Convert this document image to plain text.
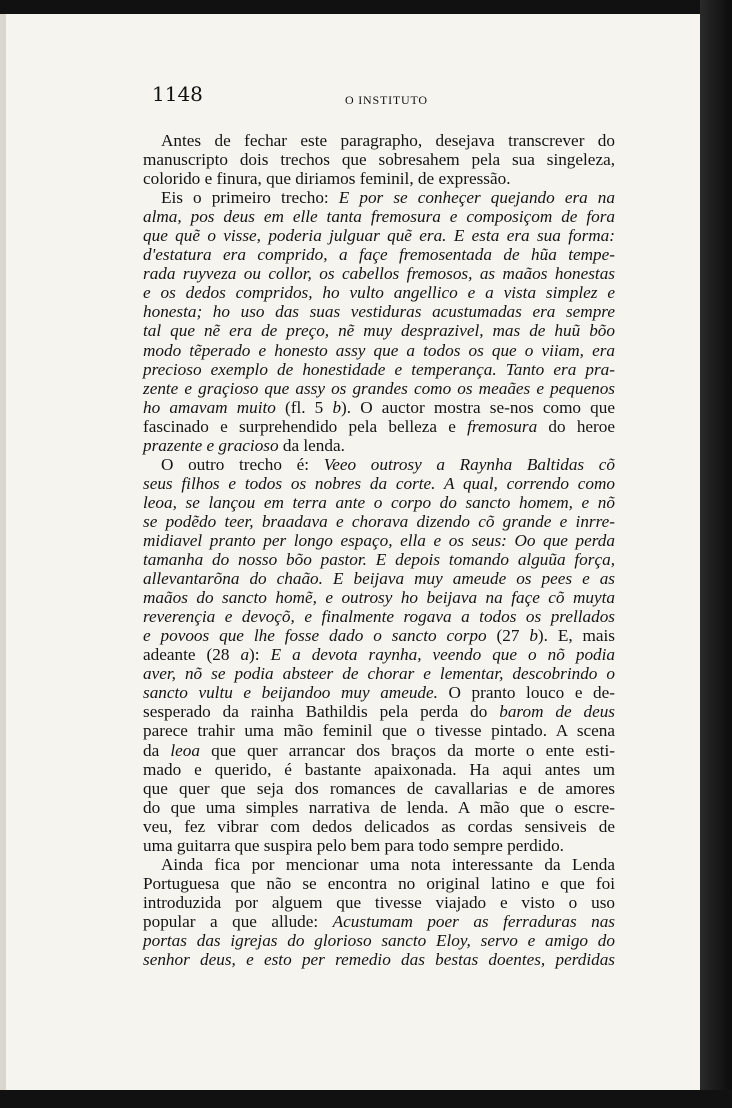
1148	O INSTITUTO
Antes de fechar este paragrapho, desejava transcrever do
manuscripto dois trechos que sobresahem pela sua singeleza,
colorido e finura, que diriamos feminil, de expressão.
Eis o primeiro trecho: E por se conheçer quejando era na
alma, pos deus em elle tanta fremosura e composiçom de fora
que quẽ o visse, poderia julguar quẽ era. E esta era sua forma:
d'estatura era comprido, a façe fremosentada de hũa tempe-
rada ruyveza ou collor, os cabellos fremosos, as maãos honestas
e os dedos compridos, ho vulto angellico e a vista simplez e
honesta; ho uso das suas vestiduras acustumadas era sempre
tal que nẽ era de preço, nẽ muy desprazivel, mas de huũ bõo
modo tẽperado e honesto assy que a todos os que o viiam, era
precioso exemplo de honestidade e temperança. Tanto era pra-
zente e graçioso que assy os grandes como os meaães e pequenos
ho amavam muito (fl. 5 b). O auctor mostra se-nos como que
fascinado e surprehendido pela belleza e fremosura do heroe
prazente e gracioso da lenda.
O outro trecho é: Veeo outrosy a Raynha Baltidas cõ
seus filhos e todos os nobres da corte. A qual, correndo como
leoa, se lançou em terra ante o corpo do sancto homem, e nõ
se podẽdo teer, braadava e chorava dizendo cõ grande e inrre-
midiavel pranto per longo espaço, ella e os seus: Oo que perda
tamanha do nosso bõo pastor. E depois tomando alguũa força,
allevantarõna do chaão. E beijava muy ameude os pees e as
maãos do sancto homẽ, e outrosy ho beijava na façe cõ muyta
reverençia e devoçõ, e finalmente rogava a todos os prellados
e povoos que lhe fosse dado o sancto corpo (27 b). E, mais
adeante (28 a): E a devota raynha, veendo que o nõ podia
aver, nõ se podia absteer de chorar e lementar, descobrindo o
sancto vultu e beijandoo muy ameude. O pranto louco e de-
sesperado da rainha Bathildis pela perda do barom de deus
parece trahir uma mão feminil que o tivesse pintado. A scena
da leoa que quer arrancar dos braços da morte o ente esti-
mado e querido, é bastante apaixonada. Ha aqui antes um
que quer que seja dos romances de cavallarias e de amores
do que uma simples narrativa de lenda. A mão que o escre-
veu, fez vibrar com dedos delicados as cordas sensiveis de
uma guitarra que suspira pelo bem para todo sempre perdido.
Ainda fica por mencionar uma nota interessante da Lenda
Portuguesa que não se encontra no original latino e que foi
introduzida por alguem que tivesse viajado e visto o uso
popular a que allude: Acustumam poer as ferraduras nas
portas das igrejas do glorioso sancto Eloy, servo e amigo do
senhor deus, e esto per remedio das bestas doentes, perdidas
